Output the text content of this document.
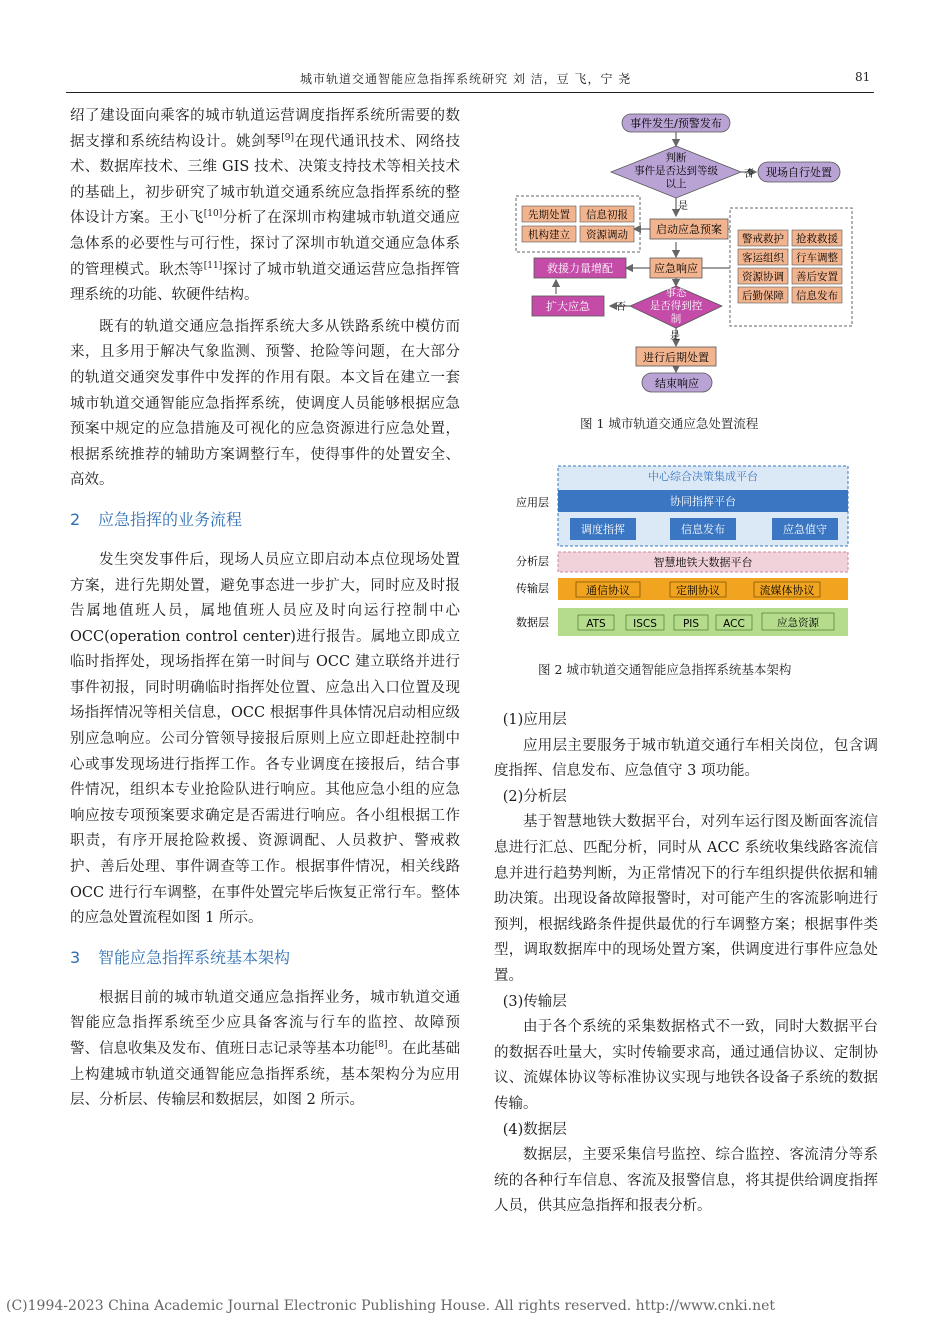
城市轨道交通智能应急指挥系统研究 刘 洁，豆 飞，宁 尧	81

绍了建设面向乘客的城市轨道运营调度指挥系统所需要的数据支撑和系统结构设计。姚剑琴[9]在现代通讯技术、网络技术、数据库技术、三维 GIS 技术、决策支持技术等相关技术的基础上，初步研究了城市轨道交通系统应急指挥系统的整体设计方案。王小飞[10]分析了在深圳市构建城市轨道交通应急体系的必要性与可行性，探讨了深圳市轨道交通应急体系的管理模式。耿杰等[11]探讨了城市轨道交通运营应急指挥管理系统的功能、软硬件结构。

既有的轨道交通应急指挥系统大多从铁路系统中模仿而来，且多用于解决气象监测、预警、抢险等问题，在大部分的轨道交通突发事件中发挥的作用有限。本文旨在建立一套城市轨道交通智能应急指挥系统，使调度人员能够根据应急预案中规定的应急措施及可视化的应急资源进行应急处置，根据系统推荐的辅助方案调整行车，使得事件的处置安全、高效。

2 应急指挥的业务流程

发生突发事件后，现场人员应立即启动本点位现场处置方案，进行先期处置，避免事态进一步扩大，同时应及时报告属地值班人员，属地值班人员应及时向运行控制中心 OCC(operation control center)进行报告。属地立即成立临时指挥处，现场指挥在第一时间与 OCC 建立联络并进行事件初报，同时明确临时指挥处位置、应急出入口位置及现场指挥情况等相关信息，OCC 根据事件具体情况启动相应级别应急响应。公司分管领导接报后原则上应立即赶赴控制中心或事发现场进行指挥工作。各专业调度在接报后，结合事件情况，组织本专业抢险队进行响应。其他应急小组的应急响应按专项预案要求确定是否需进行响应。各小组根据工作职责，有序开展抢险救援、资源调配、人员救护、警戒救护、善后处理、事件调查等工作。根据事件情况，相关线路 OCC 进行行车调整，在事件处置完毕后恢复正常行车。整体的应急处置流程如图 1 所示。

3 智能应急指挥系统基本架构

根据目前的城市轨道交通应急指挥业务，城市轨道交通智能应急指挥系统至少应具备客流与行车的监控、故障预警、信息收集及发布、值班日志记录等基本功能[8]。在此基础上构建城市轨道交通智能应急指挥系统，基本架构分为应用层、分析层、传输层和数据层，如图 2 所示。

事件发生/预警发布
判断
事件是否达到等级
以上
否 现场自行处置
是
启动应急预案
先期处置 信息初报
机构建立 资源调动	警戒救护 抢救救援
客运组织 行车调整
资源协调 善后安置
后勤保障 信息发布
应急响应
救援力量增配
事态
是否得到控
制
否
扩大应急
是
进行后期处置
结束响应
图 1 城市轨道交通应急处置流程
中心综合决策集成平台
应用层	协同指挥平台
调度指挥	信息发布	应急值守
分析层	智慧地铁大数据平台
传输层	通信协议	定制协议	流媒体协议
数据层	ATS	ISCS PIS ACC	应急资源
图 2 城市轨道交通智能应急指挥系统基本架构

(1)应用层

应用层主要服务于城市轨道交通行车相关岗位，包含调度指挥、信息发布、应急值守 3 项功能。

(2)分析层

基于智慧地铁大数据平台，对列车运行图及断面客流信息进行汇总、匹配分析，同时从 ACC 系统收集线路客流信息并进行趋势判断，为正常情况下的行车组织提供依据和辅助决策。出现设备故障报警时，对可能产生的客流影响进行预判，根据线路条件提供最优的行车调整方案；根据事件类型，调取数据库中的现场处置方案，供调度进行事件应急处置。

(3)传输层

由于各个系统的采集数据格式不一致，同时大数据平台的数据吞吐量大，实时传输要求高，通过通信协议、定制协议、流媒体协议等标准协议实现与地铁各设备子系统的数据传输。

(4)数据层

数据层，主要采集信号监控、综合监控、客流清分等系统的各种行车信息、客流及报警信息，将其提供给调度指挥人员，供其应急指挥和报表分析。

(C)1994-2023 China Academic Journal Electronic Publishing House. All rights reserved. http://www.cnki.net
